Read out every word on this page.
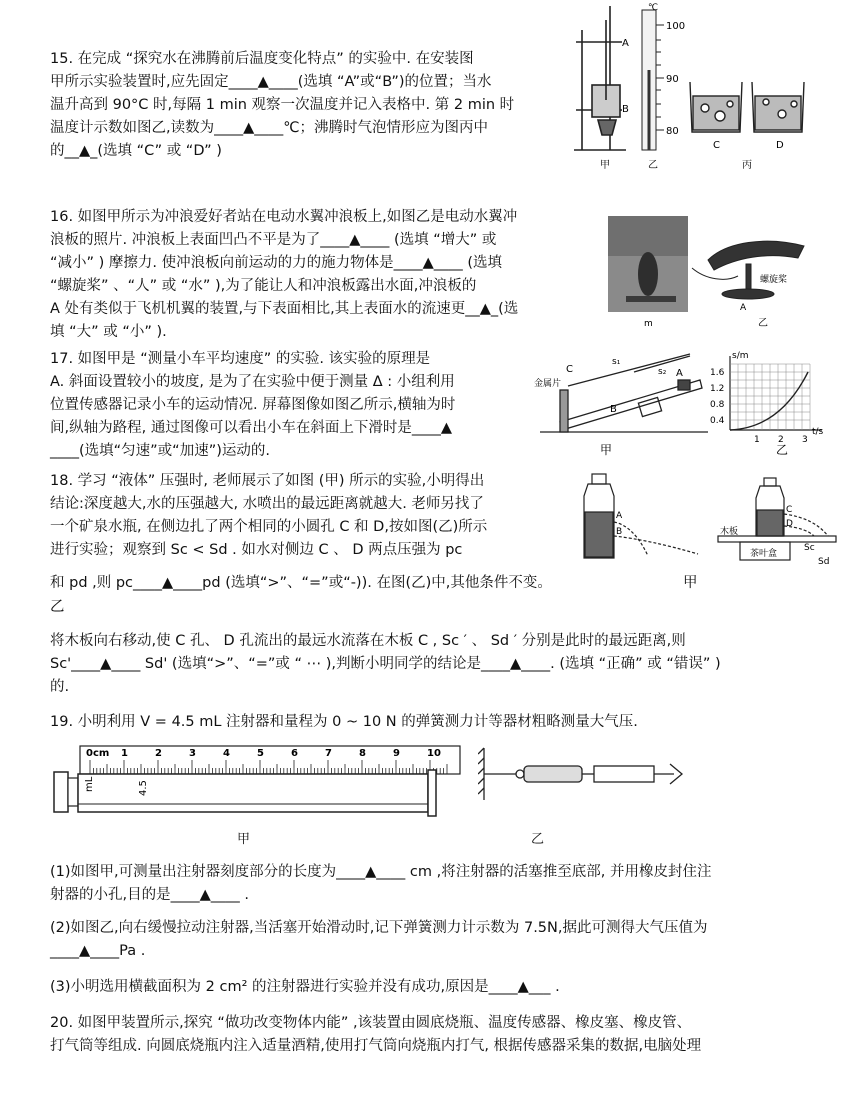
15. 在完成 “探究水在沸腾前后温度变化特点” 的实验中. 在安装图
甲所示实验装置时,应先固定____▲____(选填 “A”或“B”)的位置；当水
温升高到 90°C 时,每隔 1 min 观察一次温度并记入表格中. 第 2 min 时
温度计示数如图乙,读数为____▲____℃；沸腾时气泡情形应为图丙中
的__▲_(选填 “C” 或 “D” )
A
B
℃
100
90
80
C	D
甲	乙	丙
16. 如图甲所示为冲浪爱好者站在电动水翼冲浪板上,如图乙是电动水翼冲
浪板的照片. 冲浪板上表面凹凸不平是为了____▲____ (选填 “增大” 或
“减小” ) 摩擦力. 使冲浪板向前运动的力的施力物体是____▲____ (选填
“螺旋桨” 、“人” 或 “水” ),为了能让人和冲浪板露出水面,冲浪板的
A 处有类似于飞机机翼的装置,与下表面相比,其上表面水的流速更__▲_(选
填 “大” 或 “小” ).
螺旋桨
A
m	乙
17. 如图甲是 “测量小车平均速度” 的实验. 该实验的原理是
A. 斜面设置较小的坡度, 是为了在实验中便于测量 Δ : 小组利用
位置传感器记录小车的运动情况. 屏幕图像如图乙所示,横轴为时
间,纵轴为路程, 通过图像可以看出小车在斜面上下滑时是____▲
____(选填“匀速”或“加速”)运动的.
金属片
C
B
A
s₁
s₂
s/m
t/s
1.6
1.2
0.8
0.4
1 2 3
甲	乙
18. 学习 “液体” 压强时, 老师展示了如图 (甲) 所示的实验,小明得出
结论:深度越大,水的压强越大, 水喷出的最远距离就越大. 老师另找了
一个矿泉水瓶, 在侧边扎了两个相同的小圆孔 C 和 D,按如图(乙)所示
进行实验；观察到 Sc < Sd . 如水对侧边 C 、 D 两点压强为 pc
和 pd ,则 pc____▲____pd (选填“>”、“=”或“-)). 在图(乙)中,其他条件不变。	甲
乙
将木板向右移动,使 C 孔、 D 孔流出的最远水流落在木板 C , Sc ′ 、 Sd ′ 分别是此时的最远距离,则
Sc'____▲____ Sd' (选填“>”、“=”或 “ ⋯ ),判断小明同学的结论是____▲____. (选填 “正确” 或 “错误” )
的.
A
B	木板
茶叶盒
C
D
Sc
Sd
19. 小明利用 V = 4.5 mL 注射器和量程为 0 ~ 10 N 的弹簧测力计等器材粗略测量大气压.
mL	4.5
0cm 1	2	3	4	5	6	7	8	9	10
甲	乙
(1)如图甲,可测量出注射器刻度部分的长度为____▲____ cm ,将注射器的活塞推至底部, 并用橡皮封住注
射器的小孔,目的是____▲____ .
(2)如图乙,向右缓慢拉动注射器,当活塞开始滑动时,记下弹簧测力计示数为 7.5N,据此可测得大气压值为
____▲____Pa .
(3)小明选用横截面积为 2 cm² 的注射器进行实验并没有成功,原因是____▲___ .
20. 如图甲装置所示,探究 “做功改变物体内能” ,该装置由圆底烧瓶、温度传感器、橡皮塞、橡皮管、
打气筒等组成. 向圆底烧瓶内注入适量酒精,使用打气筒向烧瓶内打气, 根据传感器采集的数据,电脑处理
